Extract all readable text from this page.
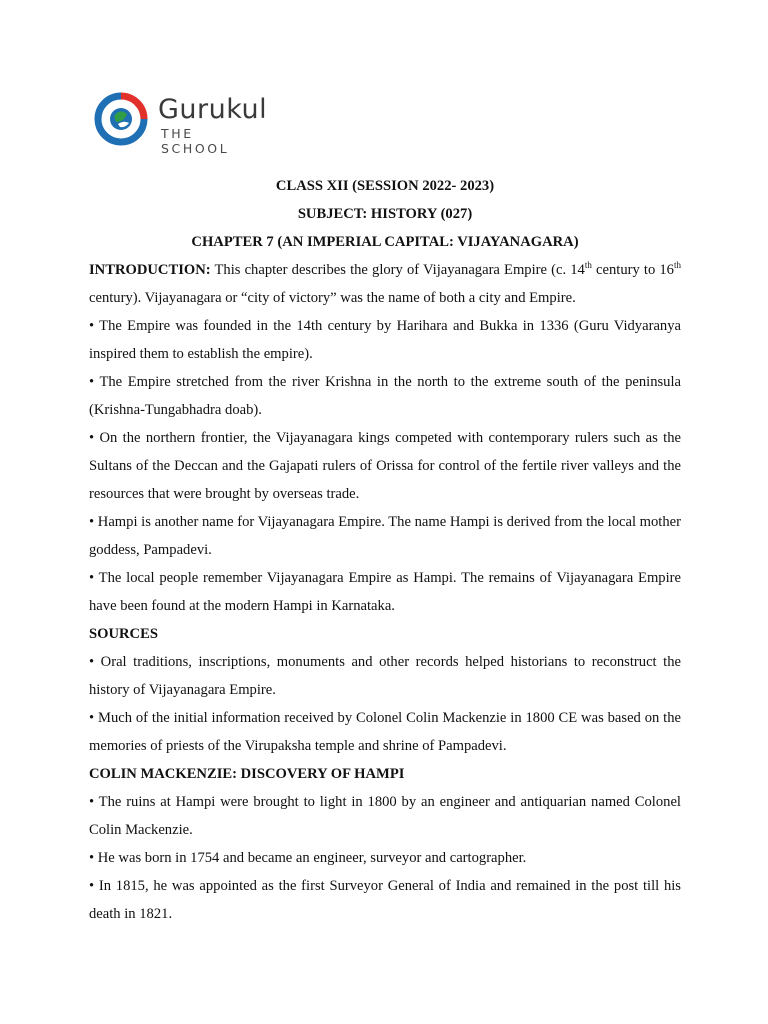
Gurukul
THE SCHOOL

CLASS XII (SESSION 2022- 2023)

SUBJECT: HISTORY (027)

CHAPTER 7 (AN IMPERIAL CAPITAL: VIJAYANAGARA)

INTRODUCTION: This chapter describes the glory of Vijayanagara Empire (c. 14th century to 16th century). Vijayanagara or “city of victory” was the name of both a city and Empire.

• The Empire was founded in the 14th century by Harihara and Bukka in 1336 (Guru Vidyaranya inspired them to establish the empire).

• The Empire stretched from the river Krishna in the north to the extreme south of the peninsula (Krishna-Tungabhadra doab).

• On the northern frontier, the Vijayanagara kings competed with contemporary rulers such as the Sultans of the Deccan and the Gajapati rulers of Orissa for control of the fertile river valleys and the resources that were brought by overseas trade.

• Hampi is another name for Vijayanagara Empire. The name Hampi is derived from the local mother goddess, Pampadevi.

• The local people remember Vijayanagara Empire as Hampi. The remains of Vijayanagara Empire have been found at the modern Hampi in Karnataka.

SOURCES

• Oral traditions, inscriptions, monuments and other records helped historians to reconstruct the history of Vijayanagara Empire.

• Much of the initial information received by Colonel Colin Mackenzie in 1800 CE was based on the memories of priests of the Virupaksha temple and shrine of Pampadevi.

COLIN MACKENZIE: DISCOVERY OF HAMPI

• The ruins at Hampi were brought to light in 1800 by an engineer and antiquarian named Colonel Colin Mackenzie.

• He was born in 1754 and became an engineer, surveyor and cartographer.

• In 1815, he was appointed as the first Surveyor General of India and remained in the post till his death in 1821.
